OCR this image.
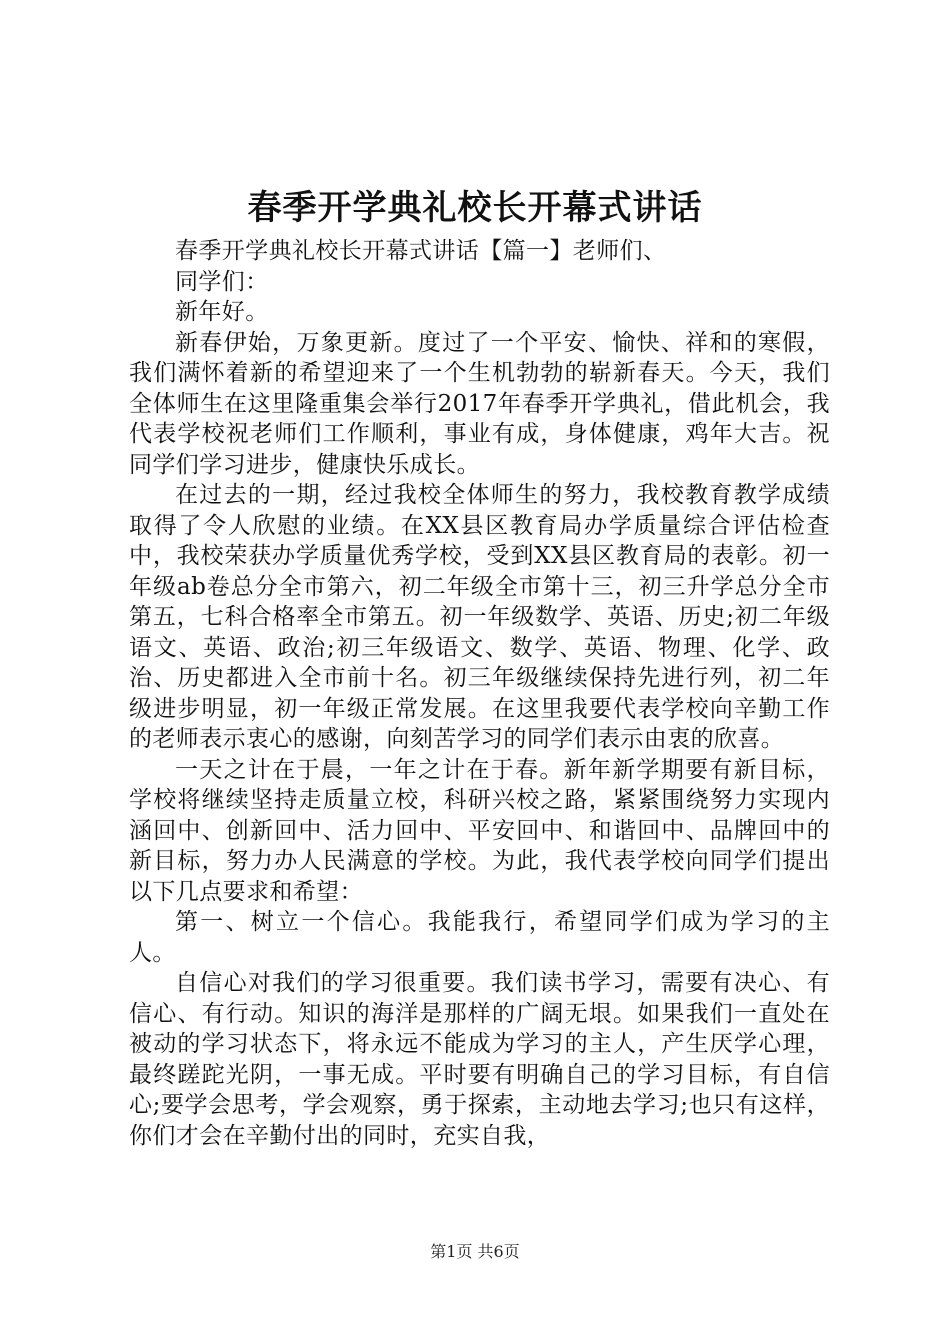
春季开学典礼校长开幕式讲话

春季开学典礼校长开幕式讲话【篇一】老师们、

同学们：

新年好。

新春伊始，万象更新。度过了一个平安、愉快、祥和的寒假，我们满怀着新的希望迎来了一个生机勃勃的崭新春天。今天，我们全体师生在这里隆重集会举行2017年春季开学典礼，借此机会，我代表学校祝老师们工作顺利，事业有成，身体健康，鸡年大吉。祝同学们学习进步，健康快乐成长。

在过去的一期，经过我校全体师生的努力，我校教育教学成绩取得了令人欣慰的业绩。在XX县区教育局办学质量综合评估检查中，我校荣获办学质量优秀学校，受到XX县区教育局的表彰。初一年级ab卷总分全市第六，初二年级全市第十三，初三升学总分全市第五，七科合格率全市第五。初一年级数学、英语、历史;初二年级语文、英语、政治;初三年级语文、数学、英语、物理、化学、政治、历史都进入全市前十名。初三年级继续保持先进行列，初二年级进步明显，初一年级正常发展。在这里我要代表学校向辛勤工作的老师表示衷心的感谢，向刻苦学习的同学们表示由衷的欣喜。

一天之计在于晨，一年之计在于春。新年新学期要有新目标，学校将继续坚持走质量立校，科研兴校之路，紧紧围绕努力实现内涵回中、创新回中、活力回中、平安回中、和谐回中、品牌回中的新目标，努力办人民满意的学校。为此，我代表学校向同学们提出以下几点要求和希望：

第一、树立一个信心。我能我行，希望同学们成为学习的主人。

自信心对我们的学习很重要。我们读书学习，需要有决心、有信心、有行动。知识的海洋是那样的广阔无垠。如果我们一直处在被动的学习状态下，将永远不能成为学习的主人，产生厌学心理，最终蹉跎光阴，一事无成。平时要有明确自己的学习目标，有自信心;要学会思考，学会观察，勇于探索，主动地去学习;也只有这样，你们才会在辛勤付出的同时，充实自我，

第1页 共6页
